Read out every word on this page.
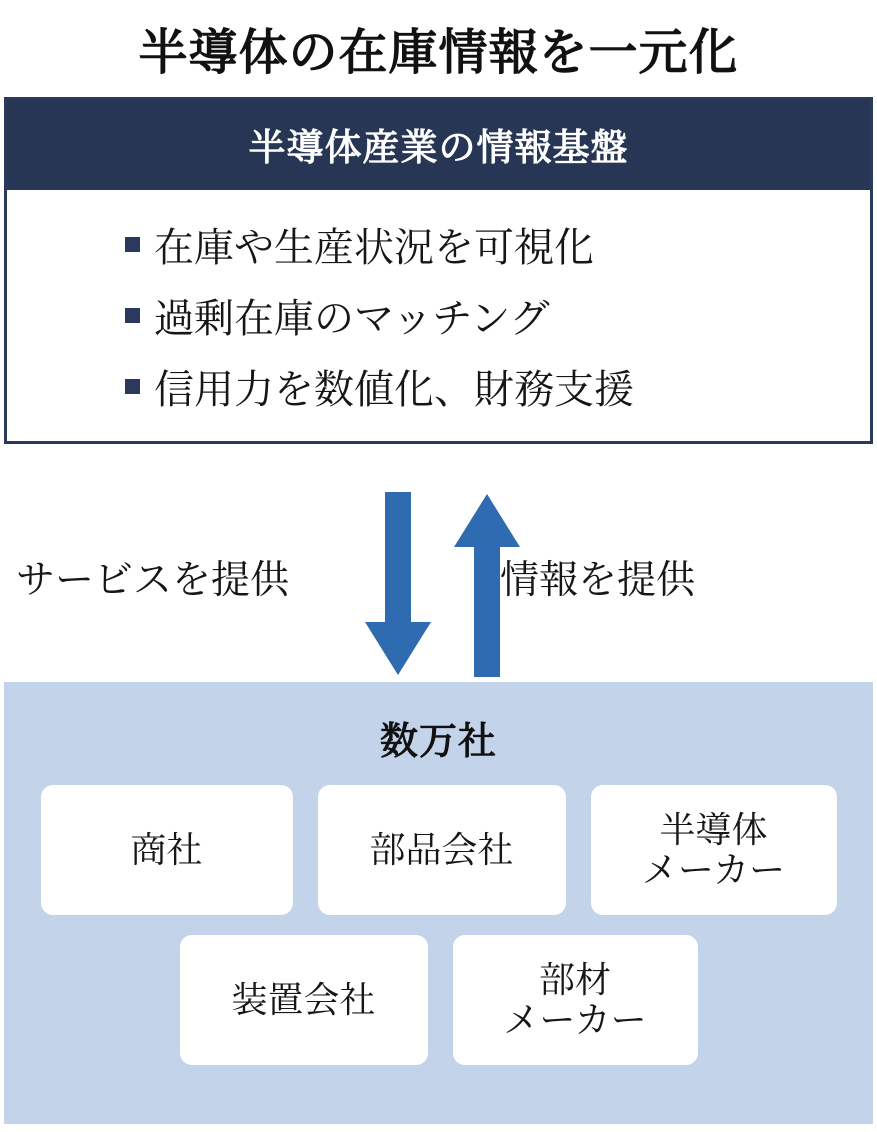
半導体の在庫情報を一元化
半導体産業の情報基盤
在庫や生産状況を可視化
過剰在庫のマッチング
信用力を数値化、財務支援
サービスを提供	情報を提供
数万社
商社	部品会社	半導体
メーカー
装置会社	部材
メーカー
